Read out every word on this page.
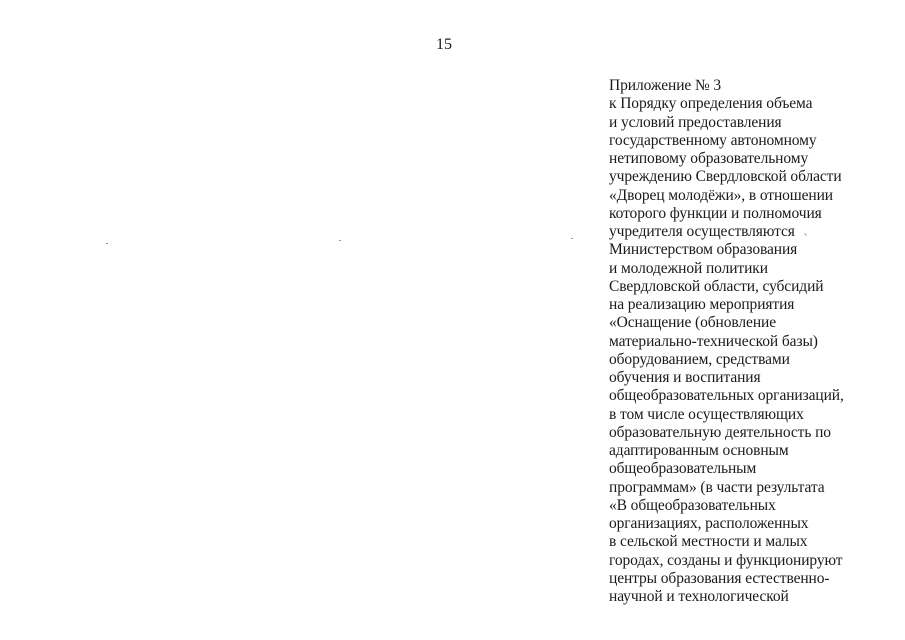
15
Приложение № 3
к Порядку определения объема
и условий предоставления
государственному автономному
нетиповому образовательному
учреждению Свердловской области
«Дворец молодёжи», в отношении
которого функции и полномочия
учредителя осуществляются
Министерством образования
и молодежной политики
Свердловской области, субсидий
на реализацию мероприятия
«Оснащение (обновление
материально-технической базы)
оборудованием, средствами
обучения и воспитания
общеобразовательных организаций,
в том числе осуществляющих
образовательную деятельность по
адаптированным основным
общеобразовательным
программам» (в части результата
«В общеобразовательных
организациях, расположенных
в сельской местности и малых
городах, созданы и функционируют
центры образования естественно-
научной и технологической
